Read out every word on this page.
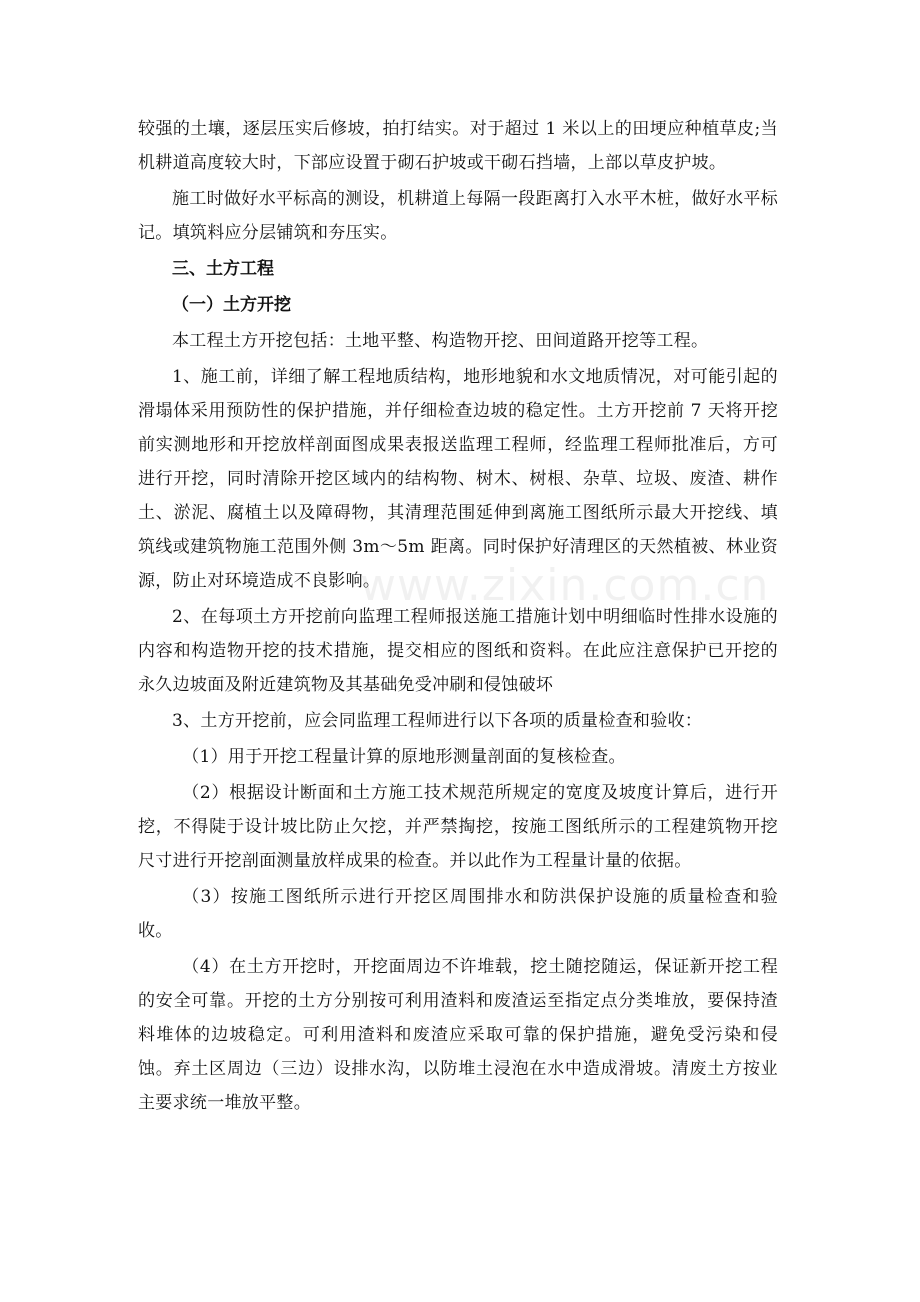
较强的土壤，逐层压实后修坡，拍打结实。对于超过 1 米以上的田埂应种植草皮;当机耕道高度较大时，下部应设置于砌石护坡或干砌石挡墙，上部以草皮护坡。

施工时做好水平标高的测设，机耕道上每隔一段距离打入水平木桩，做好水平标记。填筑料应分层铺筑和夯压实。

三、土方工程

（一）土方开挖

本工程土方开挖包括：土地平整、构造物开挖、田间道路开挖等工程。

1、施工前，详细了解工程地质结构，地形地貌和水文地质情况，对可能引起的滑塌体采用预防性的保护措施，并仔细检查边坡的稳定性。土方开挖前 7 天将开挖前实测地形和开挖放样剖面图成果表报送监理工程师，经监理工程师批准后，方可进行开挖，同时清除开挖区域内的结构物、树木、树根、杂草、垃圾、废渣、耕作土、淤泥、腐植土以及障碍物，其清理范围延伸到离施工图纸所示最大开挖线、填筑线或建筑物施工范围外侧 3m～5m 距离。同时保护好清理区的天然植被、林业资源，防止对环境造成不良影响。

2、在每项土方开挖前向监理工程师报送施工措施计划中明细临时性排水设施的内容和构造物开挖的技术措施，提交相应的图纸和资料。在此应注意保护已开挖的永久边坡面及附近建筑物及其基础免受冲刷和侵蚀破坏

3、土方开挖前，应会同监理工程师进行以下各项的质量检查和验收：

（1）用于开挖工程量计算的原地形测量剖面的复核检查。

（2）根据设计断面和土方施工技术规范所规定的宽度及坡度计算后，进行开挖，不得陡于设计坡比防止欠挖，并严禁掏挖，按施工图纸所示的工程建筑物开挖尺寸进行开挖剖面测量放样成果的检查。并以此作为工程量计量的依据。

（3）按施工图纸所示进行开挖区周围排水和防洪保护设施的质量检查和验收。

（4）在土方开挖时，开挖面周边不许堆载，挖土随挖随运，保证新开挖工程的安全可靠。开挖的土方分别按可利用渣料和废渣运至指定点分类堆放，要保持渣料堆体的边坡稳定。可利用渣料和废渣应采取可靠的保护措施，避免受污染和侵蚀。弃土区周边（三边）设排水沟，以防堆土浸泡在水中造成滑坡。清废土方按业主要求统一堆放平整。

www.zixin.com.cn
